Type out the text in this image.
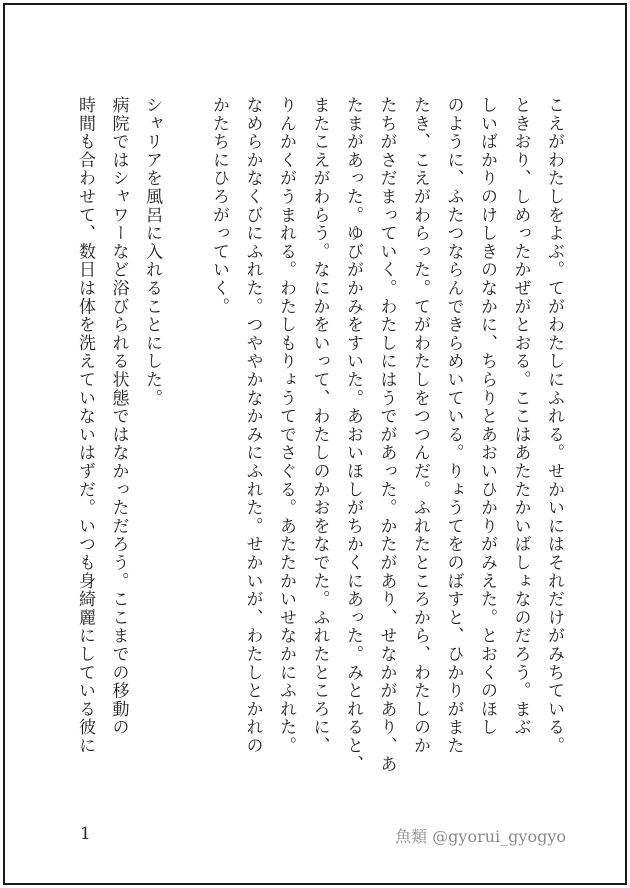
こえがわたしをよぶ。てがわたしにふれる。せかいにはそれだけがみちている。
ときおり、しめったかぜがとおる。ここはあたたかいばしょなのだろう。まぶ
しいばかりのけしきのなかに、ちらりとあおいひかりがみえた。とおくのほし
のように、ふたつならんできらめいている。りょうてをのばすと、ひかりがまた
たき、こえがわらった。てがわたしをつつんだ。ふれたところから、わたしのか
たちがさだまっていく。わたしにはうでがあった。かたがあり、せなかがあり、あ
たまがあった。ゆびがかみをすいた。あおいほしがちかくにあった。みとれると、
またこえがわらう。なにかをいって、わたしのかおをなでた。ふれたところに、
りんかくがうまれる。わたしもりょうてでさぐる。あたたかいせなかにふれた。
なめらかなくびにふれた。つややかなかみにふれた。せかいが、わたしとかれの
かたちにひろがっていく。

シャリアを風呂に入れることにした。
病院ではシャワーなど浴びられる状態ではなかっただろう。ここまでの移動の
時間も合わせて、数日は体を洗えていないはずだ。いつも身綺麗にしている彼に

1	魚類 @gyorui_gyogyo
